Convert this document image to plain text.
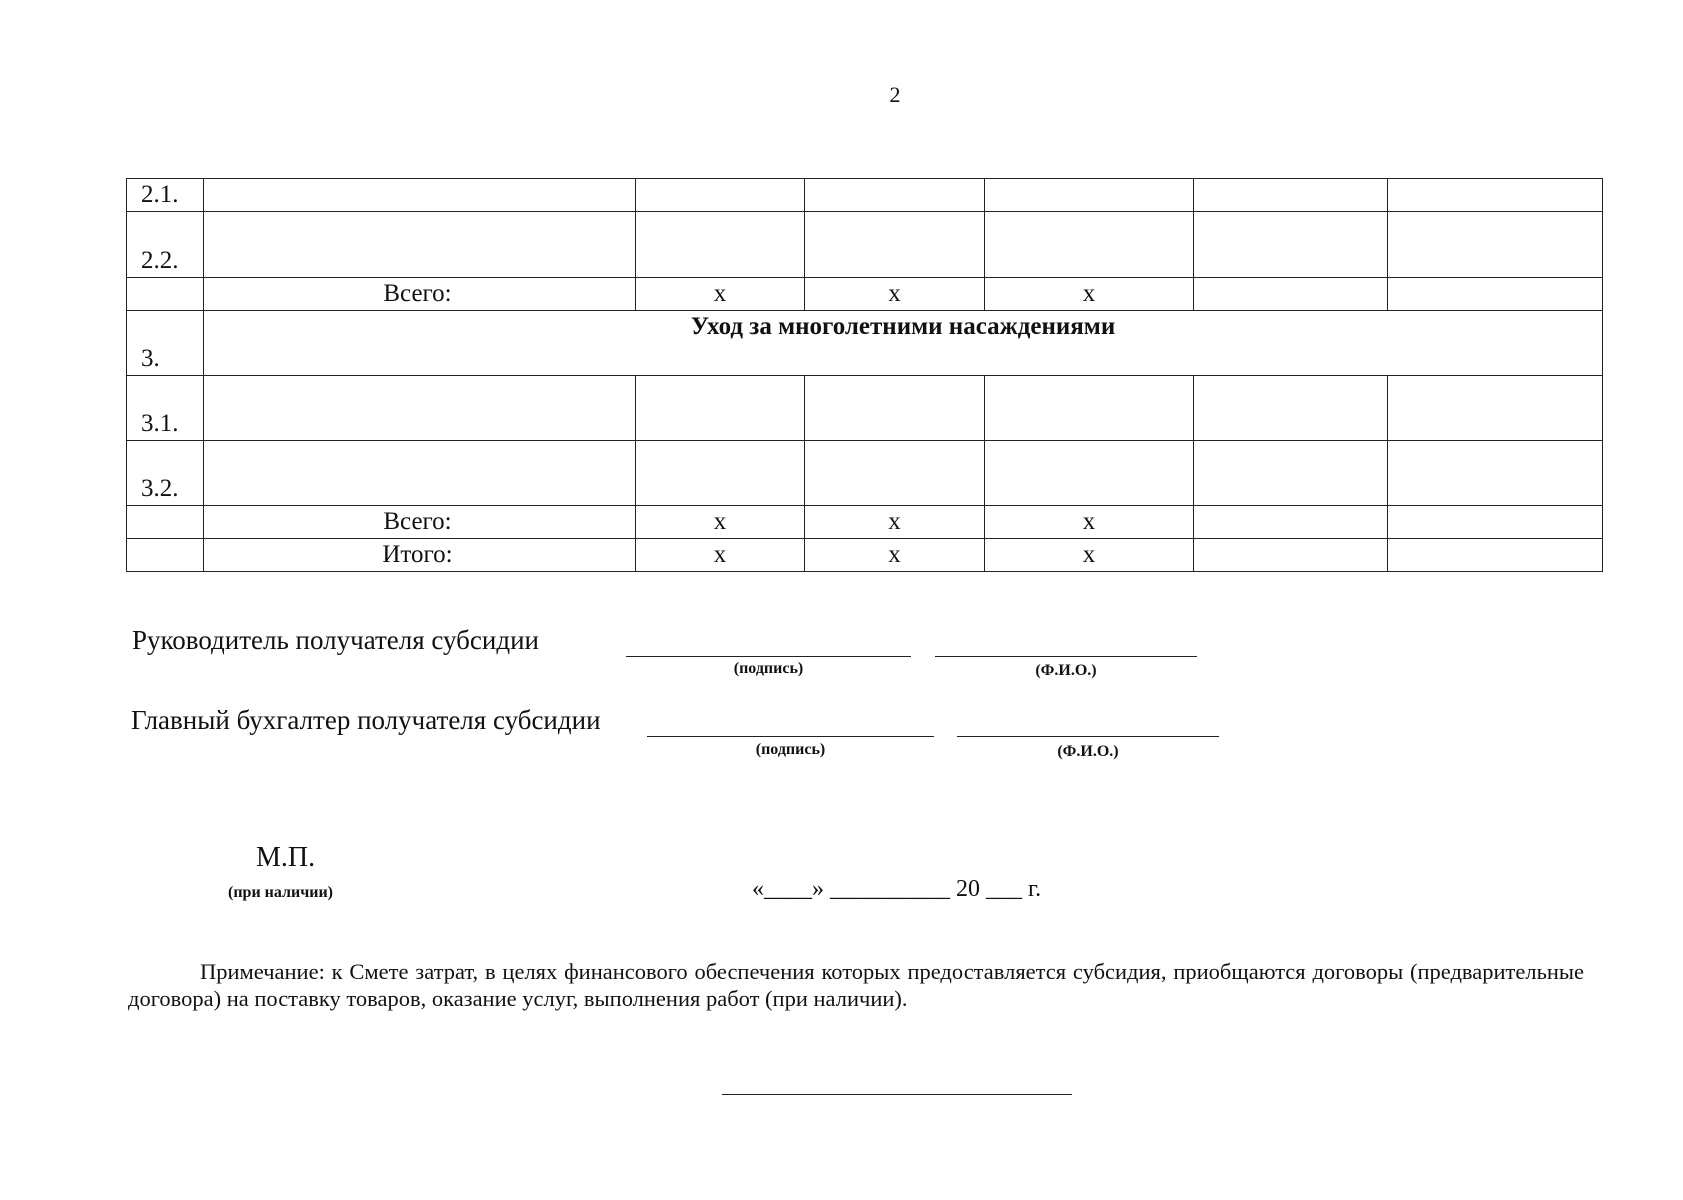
2
2.1.						
2.2.						
	Всего:	x	x	x		
3.	Уход за многолетними насаждениями					
3.1.						
3.2.						
	Всего:	x	x	x		
	Итого:	x	x	x		
Руководитель получателя субсидии
(подпись)	(Ф.И.О.)
Главный бухгалтер получателя субсидии
(подпись)	(Ф.И.О.)
М.П.
(при наличии)	«____» __________ 20 ___ г.
Примечание: к Смете затрат, в целях финансового обеспечения которых предоставляется субсидия, приобщаются договоры (предварительные договора) на поставку товаров, оказание услуг, выполнения работ (при наличии).
